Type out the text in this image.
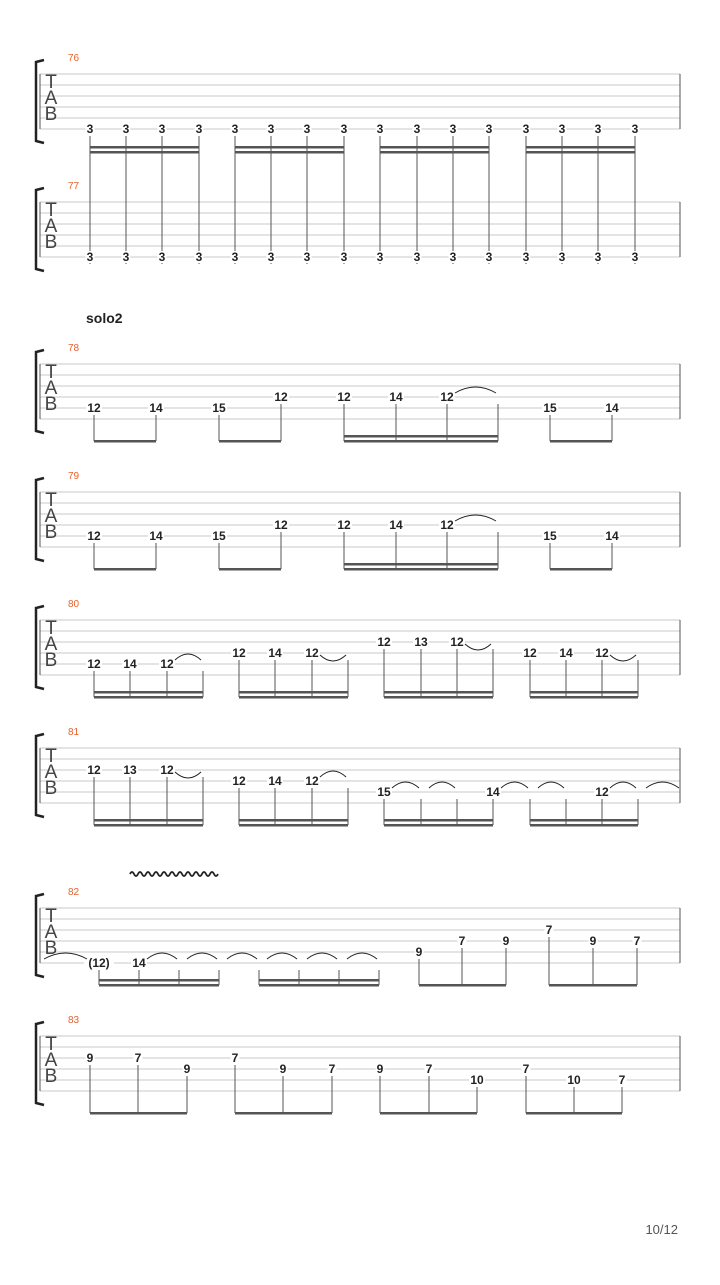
T
A
B
76
3 3 3	3 3 3 3	3 3	3 3 3	3 3 3	3
T
A
B
77
3 3 3	3 3 3 3	3 3	3 3 3	3 3 3	3
T
A
B
78
12	14	15
12	12	14	12
15	14
T
A
B
79
12	14	15
12	12	14	12
15	14
T
A
B
80
12 14 12
12 14 12
12 13 12
12 14 12
T
A
B
81
12 13 12
12 14 12
15	14	12
T
A
B
82
(12) 14
9
7	9
7
9	7
T
A
B
83
9	7
9
7
9	7	9	7
10
7
10	7
solo2
10/12
